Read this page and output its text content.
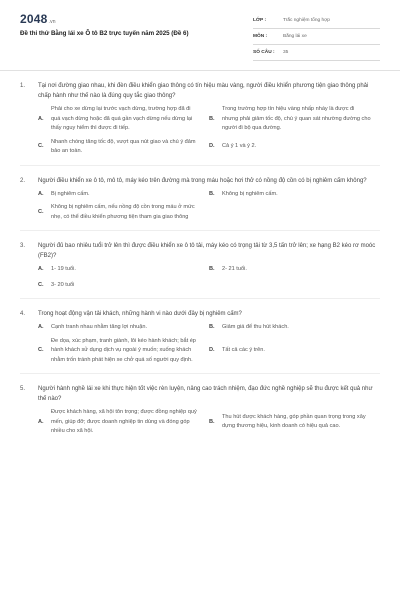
2048.vn
Đề thi thử Bằng lái xe Ô tô B2 trực tuyến năm 2025 (Đề 6)
LỚP :	Trắc nghiệm tổng hợp
MÔN :	Bằng lái xe
SỐ CÂU :	35
1.	Tại nơi đường giao nhau, khi đèn điều khiển giao thông có tín hiệu màu vàng, người điều khiển phương tiện giao thông phải chấp hành như thế nào là đúng quy tắc giao thông?
A.
Phải cho xe dừng lại trước vạch dừng, trường hợp đã đi quá vạch dừng hoặc đã quá gần vạch dừng nếu dừng lại thấy nguy hiểm thì được đi tiếp.
B.
Trong trường hợp tín hiệu vàng nhấp nháy là được đi nhưng phải giảm tốc độ, chú ý quan sát nhường đường cho người đi bộ qua đường.
C.
Nhanh chóng tăng tốc độ, vượt qua nút giao và chú ý đảm bảo an toàn.
D.	Cả ý 1 và ý 2.
2.	Người điều khiển xe ô tô, mô tô, máy kéo trên đường mà trong máu hoặc hơi thở có nồng độ cồn có bị nghiêm cấm không?
A.	Bị nghiêm cấm.	B.	Không bị nghiêm cấm.
C.
Không bị nghiêm cấm, nếu nồng độ cồn trong máu ở mức nhẹ, có thể điều khiển phương tiện tham gia giao thông
3.	Người đủ bao nhiêu tuổi trở lên thì được điều khiển xe ô tô tải, máy kéo có trọng tải từ 3,5 tấn trở lên; xe hạng B2 kéo rơ moóc (FB2)?
A.	1- 19 tuổi.	B.	2- 21 tuổi.
C.	3- 20 tuổi
4.	Trong hoạt động vận tải khách, những hành vi nào dưới đây bị nghiêm cấm?
A.	Cạnh tranh nhau nhằm tăng lợi nhuận.	B.	Giảm giá để thu hút khách.
C.
Đe dọa, xúc phạm, tranh giành, lôi kéo hành khách; bắt ép hành khách sử dụng dịch vụ ngoài ý muốn; xuống khách nhằm trốn tránh phát hiện xe chở quá số người quy định.
D.	Tất cả các ý trên.
5.	Người hành nghề lái xe khi thực hiện tốt việc rèn luyện, nâng cao trách nhiệm, đạo đức nghề nghiệp sẽ thu được kết quả như thế nào?
A.
Được khách hàng, xã hội tôn trọng; được đồng nghiệp quý mến, giúp đỡ; được doanh nghiệp tin dùng và đóng góp nhiều cho xã hội.
B.
Thu hút được khách hàng, góp phần quan trọng trong xây dựng thương hiệu, kinh doanh có hiệu quả cao.
